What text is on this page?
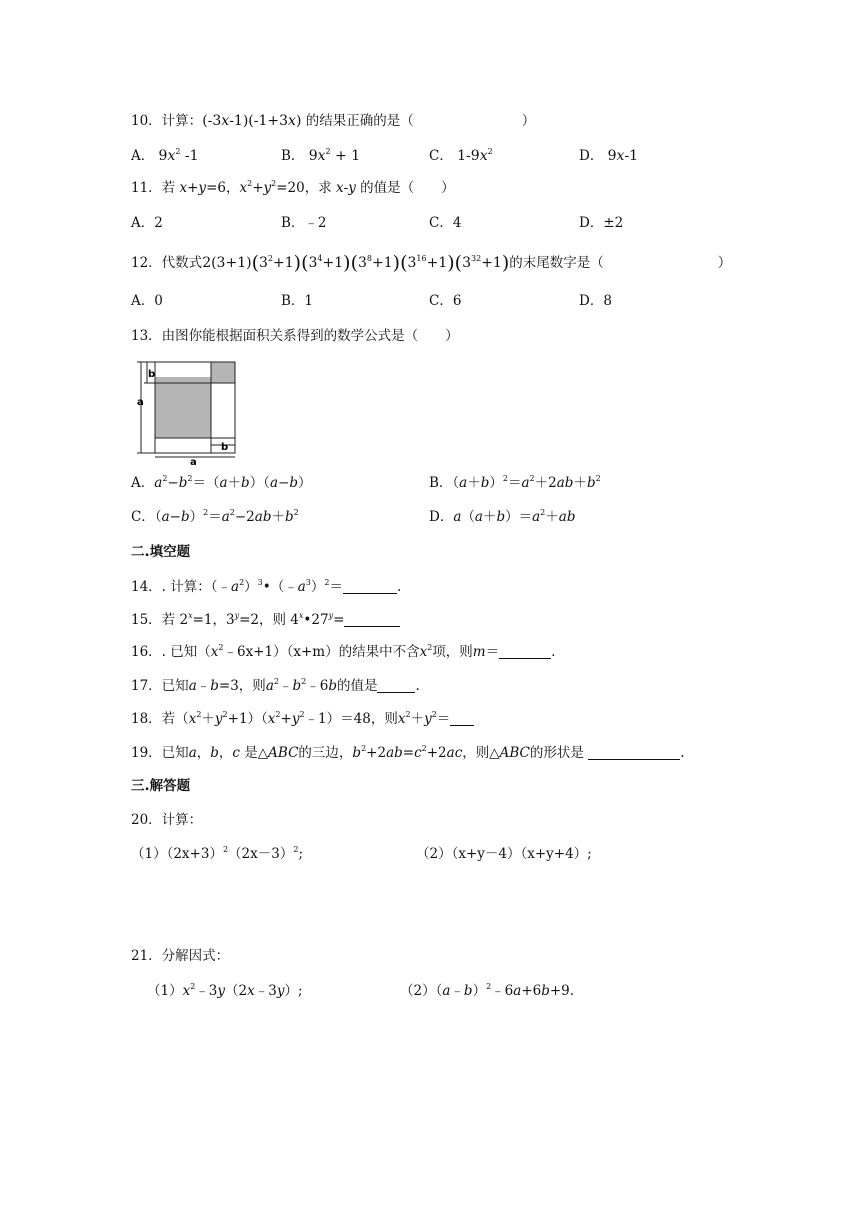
10．计算：(-3x-1)(-1+3x) 的结果正确的是（	）
A． $9x^2$ -1	B． $9x^2 + 1$	C． $1-9x^2$	D． 9x-1
11．若 x+y=6，$x^2+y^2=20$，求 x-y 的值是（　　）
A．2	B．﹣2	C．4	D．±2
12．代数式$2(3+1)(3^2+1)(3^4+1)(3^8+1)(3^{16}+1)(3^{32}+1)$的末尾数字是（	）
A．0	B．1	C．6	D．8
13．由图你能根据面积关系得到的数学公式是（　　）
b
a
a
b
A．$a^2-b^2=(a+b)(a-b)$	B．$(a+b)^2=a^2+2ab+b^2$
C．$(a-b)^2=a^2-2ab+b^2$	D．$a(a+b)=a^2+ab$
二.填空题
14．. 计算：$(﹣a^2)^3•(﹣a^3)^2=$	.
15．若 $2^x=1$，$3^y=2$，则 $4^x•27^y=$
16．. 已知$(x^2﹣6x+1)(x+m)$的结果中不含$x^2$项，则m＝	.
17．已知a﹣b=3，则$a^2﹣b^2﹣6b$的值是	.
18．若$(x^2+y^2+1)(x^2+y^2﹣1)=48$，则$x^2+y^2=$
19．已知a，b，c 是△ABC的三边，$b^2+2ab=c^2+2ac$，则△ABC的形状是	.
三.解答题
20．计算：
$(1)(2x+3)^2(2x-3)^2$;	（2）（x+y－4）（x+y+4）;
21．分解因式：
$(1)x^2﹣3y(2x﹣3y)$;	（2）（a﹣b）$^2$﹣6a+6b+9.
